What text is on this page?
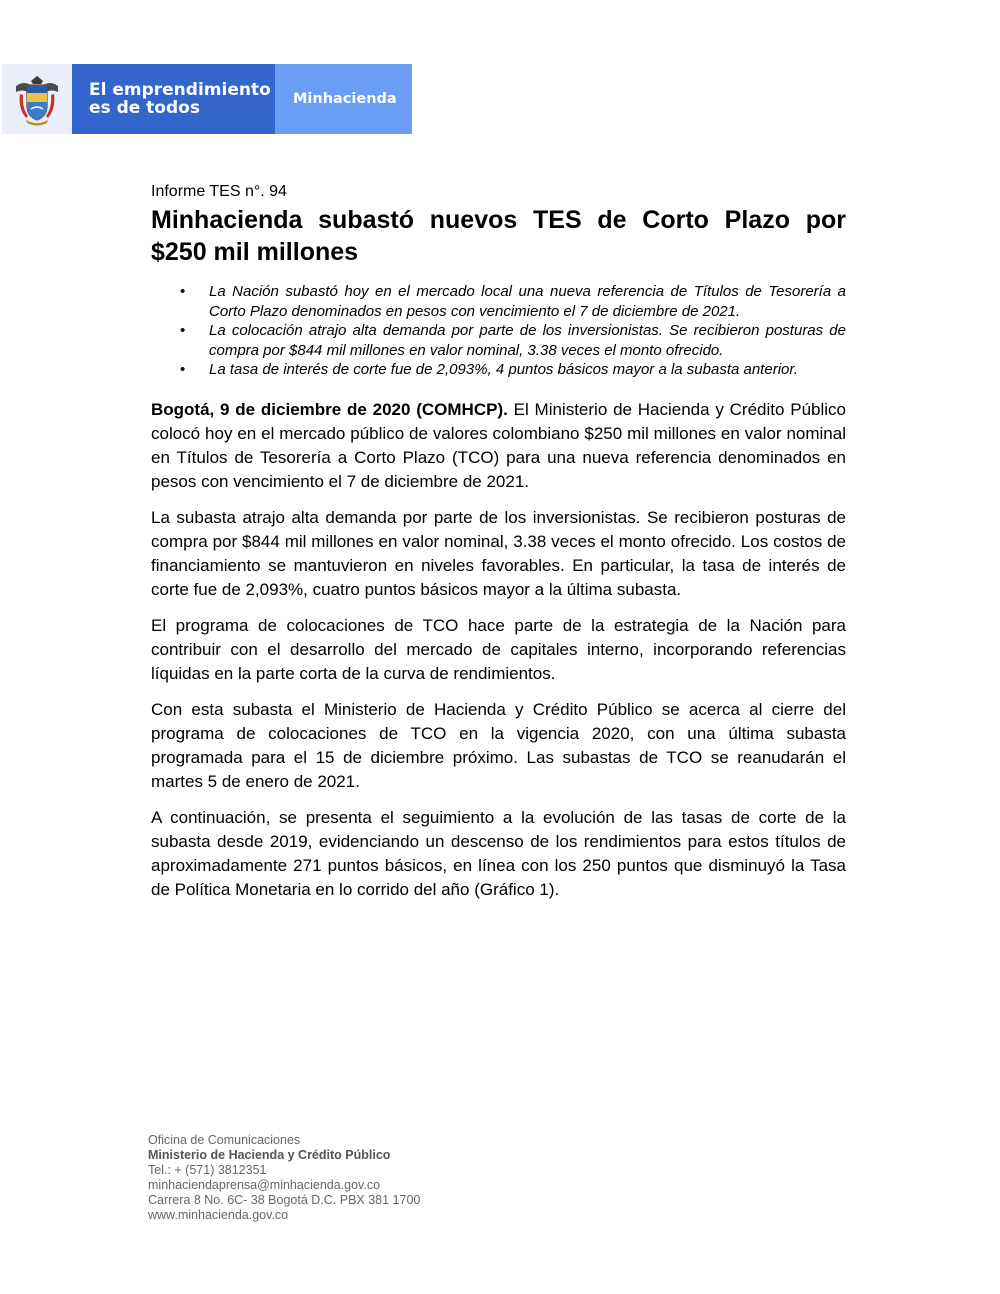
El emprendimiento
es de todos	Minhacienda

Informe TES n°. 94

Minhacienda subastó nuevos TES de Corto Plazo por $250 mil millones
• La Nación subastó hoy en el mercado local una nueva referencia de Títulos de Tesorería a Corto Plazo denominados en pesos con vencimiento el 7 de diciembre de 2021.
• La colocación atrajo alta demanda por parte de los inversionistas. Se recibieron posturas de compra por $844 mil millones en valor nominal, 3.38 veces el monto ofrecido.
• La tasa de interés de corte fue de 2,093%, 4 puntos básicos mayor a la subasta anterior.

Bogotá, 9 de diciembre de 2020 (COMHCP). El Ministerio de Hacienda y Crédito Público colocó hoy en el mercado público de valores colombiano $250 mil millones en valor nominal en Títulos de Tesorería a Corto Plazo (TCO) para una nueva referencia denominados en pesos con vencimiento el 7 de diciembre de 2021.

La subasta atrajo alta demanda por parte de los inversionistas. Se recibieron posturas de compra por $844 mil millones en valor nominal, 3.38 veces el monto ofrecido. Los costos de financiamiento se mantuvieron en niveles favorables. En particular, la tasa de interés de corte fue de 2,093%, cuatro puntos básicos mayor a la última subasta.

El programa de colocaciones de TCO hace parte de la estrategia de la Nación para contribuir con el desarrollo del mercado de capitales interno, incorporando referencias líquidas en la parte corta de la curva de rendimientos.

Con esta subasta el Ministerio de Hacienda y Crédito Público se acerca al cierre del programa de colocaciones de TCO en la vigencia 2020, con una última subasta programada para el 15 de diciembre próximo. Las subastas de TCO se reanudarán el martes 5 de enero de 2021.

A continuación, se presenta el seguimiento a la evolución de las tasas de corte de la subasta desde 2019, evidenciando un descenso de los rendimientos para estos títulos de aproximadamente 271 puntos básicos, en línea con los 250 puntos que disminuyó la Tasa de Política Monetaria en lo corrido del año (Gráfico 1).

Oficina de Comunicaciones
Ministerio de Hacienda y Crédito Público
Tel.: + (571) 3812351
minhaciendaprensa@minhacienda.gov.co
Carrera 8 No. 6C- 38 Bogotá D.C. PBX 381 1700
www.minhacienda.gov.co
